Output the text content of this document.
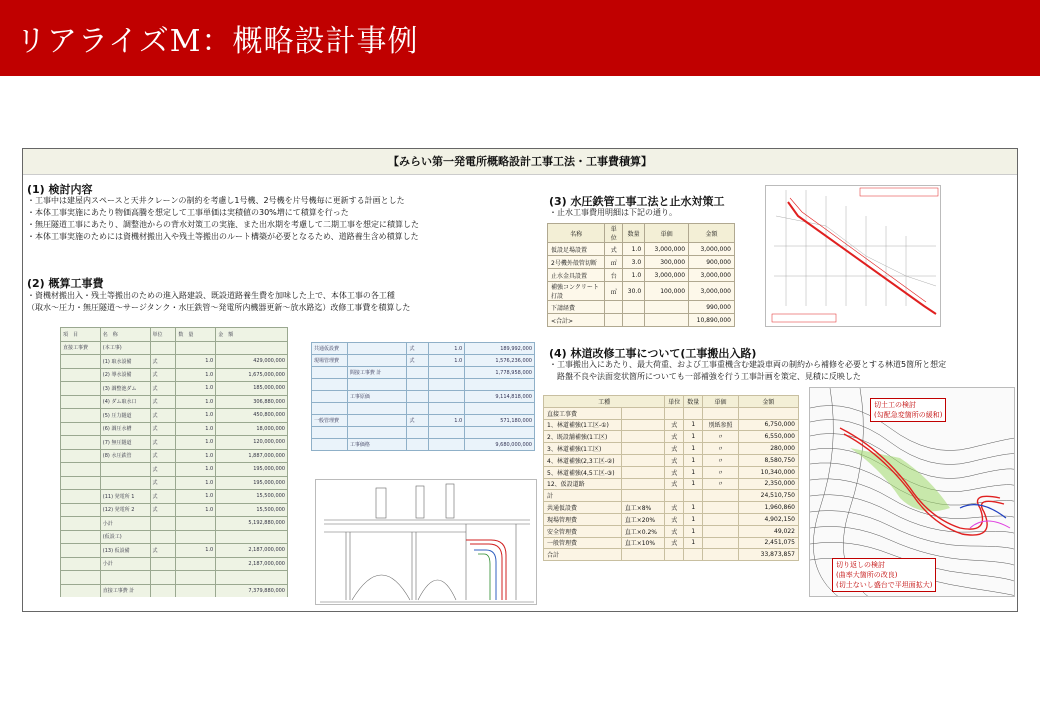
リアライズM：概略設計事例
【みらい第一発電所概略設計工事工法・工事費積算】
(1) 検討内容
・工事中は建屋内スペースと天井クレーンの制約を考慮し1号機、2号機を片号機毎に更新する計画とした
・本体工事実施にあたり物価高騰を想定して工事単価は実積値の30%増にて積算を行った
・無圧隧道工事にあたり、調整池からの背水対策工の実施、また出水期を考慮して二期工事を想定に積算した
・本体工事実施のためには資機材搬出入や残土等搬出のルート構築が必要となるため、道路養生含め積算した
(2) 概算工事費
・資機材搬出入・残土等搬出のための進入路建設、既設道路養生費を加味した上で、本体工事の各工種
（取水～圧力・無圧隧道～サージタンク・水圧鉄管～発電所内機器更新～放水路迄）改修工事費を積算した
項　目	名　称	単位	数　量	金　額
直接工事費	(本工事)			
	(1) 取水設備	式	1.0	429,000,000
	(2) 導水設備	式	1.0	1,675,000,000
	(3) 調整池ダム	式	1.0	185,000,000
	(4) ダム取水口	式	1.0	306,880,000
	(5) 圧力隧道	式	1.0	450,800,000
	(6) 調圧水槽	式	1.0	18,000,000
	(7) 無圧隧道	式	1.0	120,000,000
	(8) 水圧鉄管	式	1.0	1,887,000,000
		式	1.0	195,000,000
		式	1.0	195,000,000
	(11) 発電所 1	式	1.0	15,500,000
	(12) 発電所 2	式	1.0	15,500,000
	小計			5,192,880,000
	(仮設工)			
	(13) 仮設備	式	1.0	2,187,000,000
	小計			2,187,000,000

	直接工事費 計			7,379,880,000
共通仮設費		式	1.0	189,992,000
現場管理費		式	1.0	1,576,236,000
	間接工事費 計			1,778,958,000

	工事原価			9,114,818,000

一般管理費		式	1.0	571,180,000

	工事価格			9,680,000,000
(3) 水圧鉄管工事工法と止水対策工
・止水工事費用明細は下記の通り。
名称	単位	数量	単価	金額
仮設足場設置	式	1.0	3,000,000	3,000,000
2号機外殻管切断	㎡	3.0	300,000	900,000
止水金具設置	台	1.0	3,000,000	3,000,000
補強コンクリート打設	㎥	30.0	100,000	3,000,000
下請経費				990,000
<合計>				10,890,000
(4) 林道改修工事について(工事搬出入路)
・工事搬出入にあたり、最大荷重、および工事重機含む建設車両の制約から補修を必要とする林道5箇所と想定
　路盤不良や法面変状箇所についても一部補強を行う工事計画を策定、見積に反映した
工種		単位	数量	単価	金額
直接工事費					
1、林道補強(1工区-①)		式	1	別紙参照	6,750,000
2、既設舗補強(1工区)		式	1	〃	6,550,000
3、林道補強(1工区)		式	1	〃	280,000
4、林道補強(2,3工区-②)		式	1	〃	8,580,750
5、林道補強(4,5工区-③)		式	1	〃	10,340,000
12、仮設道路		式	1	〃	2,350,000
計					24,510,750
共通仮設費	直工×8%	式	1		1,960,860
現場管理費	直工×20%	式	1		4,902,150
安全管理費	直工×0.2%	式	1		49,022
一般管理費	直工×10%	式	1		2,451,075
合計					33,873,857
切土工の検討
(勾配急変箇所の緩和)
切り返しの検討
(曲率大箇所の改良)
(切土ないし盛台で平坦面拡大)
